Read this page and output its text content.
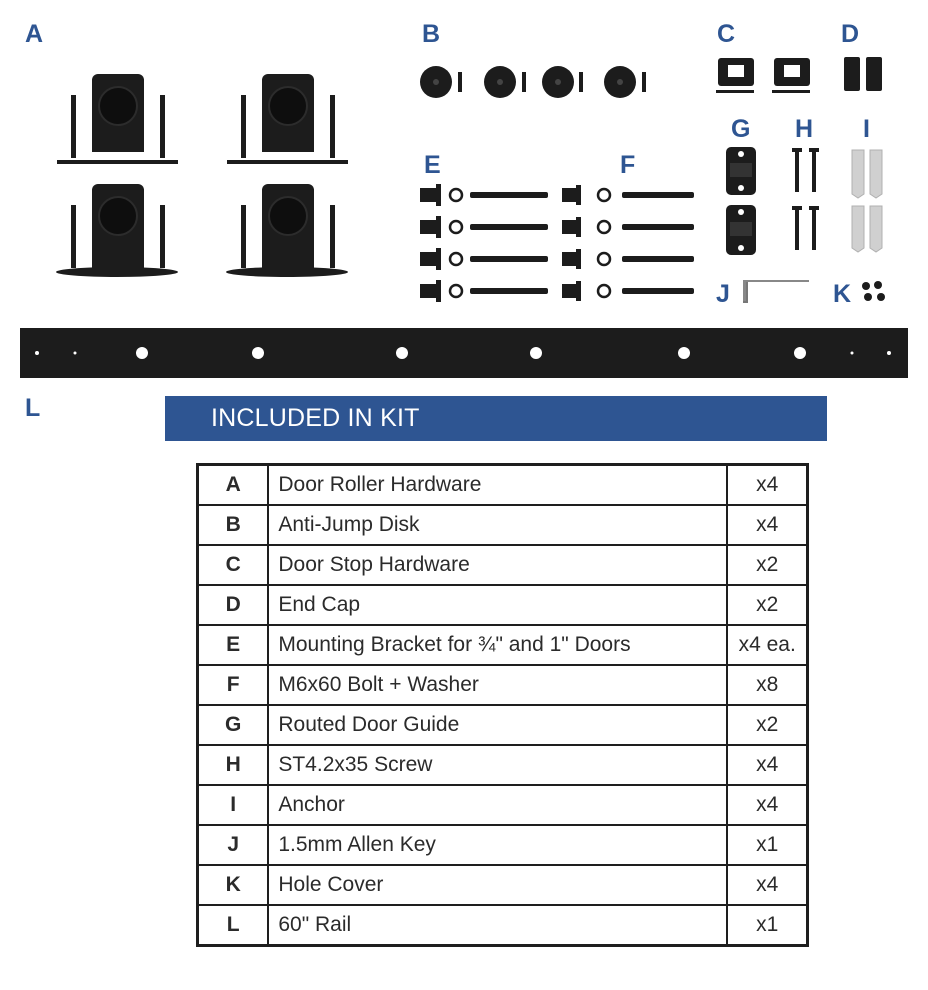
A	B	C	D
E	F
G H I
J	K
L	INCLUDED IN KIT
A	Door Roller Hardware	x4
B	Anti-Jump Disk	x4
C	Door Stop Hardware	x2
D	End Cap	x2
E	Mounting Bracket for ¾" and 1" Doors	x4 ea.
F	M6x60 Bolt + Washer	x8
G	Routed Door Guide	x2
H	ST4.2x35 Screw	x4
I	Anchor	x4
J	1.5mm Allen Key	x1
K	Hole Cover	x4
L	60" Rail	x1
